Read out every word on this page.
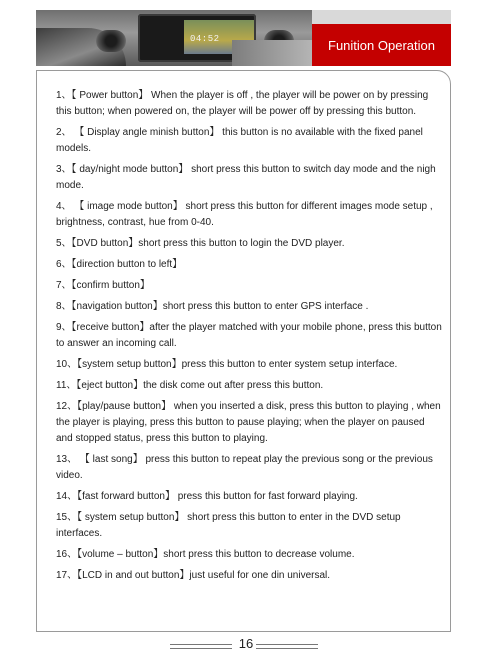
04:52	Funition Operation
1、【 Power button】 When the player is off , the player will be power on by pressing this button; when powered on, the player will be power off by pressing this button.
2、 【 Display angle minish button】 this button is no available with the fixed panel models.
3、【 day/night mode button】 short press this button to switch day mode and the nigh mode.
4、 【 image mode button】 short press this button for different images mode setup , brightness, contrast, hue from 0-40.
5、【DVD button】short press this button to login the DVD player.
6、【direction button to left】
7、【confirm button】
8、【navigation button】short press this button to enter GPS interface .
9、【receive button】after the player matched with your mobile phone, press this button to answer an incoming call.
10、【system setup button】press this button to enter system setup interface.
11、【eject button】the disk come out after press this button.
12、【play/pause button】 when you inserted a disk, press this button to playing , when the player is playing, press this button to pause playing; when the player on paused and stopped status, press this button to playing.
13、 【 last song】 press this button to repeat play the previous song or the previous video.
14、【fast forward button】 press this button for fast forward playing.
15、【 system setup button】 short press this button to enter in the DVD setup interfaces.
16、【volume – button】short press this button to decrease volume.
17、【LCD in and out button】just useful for one din universal.
16
